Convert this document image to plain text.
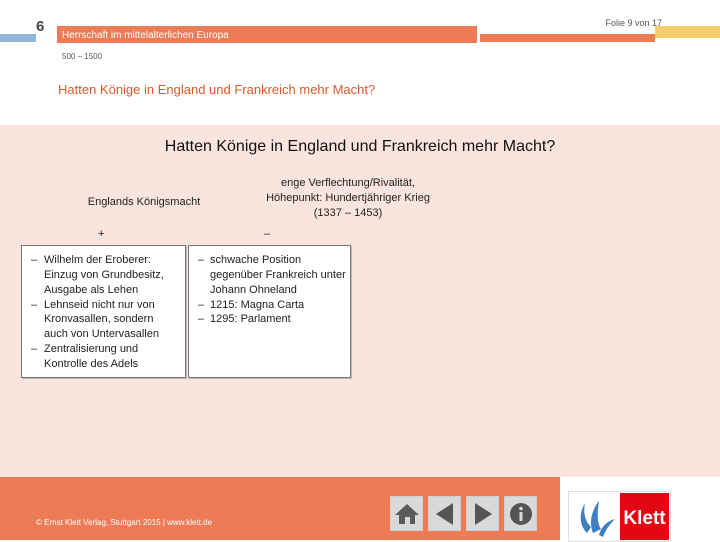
6	Folie 9 von 17
Herrschaft im mittelalterlichen Europa
500 – 1500
Hatten Könige in England und Frankreich mehr Macht?
Hatten Könige in England und Frankreich mehr Macht?
Englands Königsmacht
enge Verflechtung/Rivalität, Höhepunkt: Hundertjähriger Krieg (1337 – 1453)
+	–
– Wilhelm der Eroberer: Einzug von Grundbesitz, Ausgabe als Lehen
– Lehnseid nicht nur von Kronvasallen, sondern auch von Untervasallen
– Zentralisierung und Kontrolle des Adels
– schwache Position gegenüber Frankreich unter Johann Ohneland
– 1215: Magna Carta
– 1295: Parlament
© Ernst Klett Verlag, Stuttgart 2015 | www.klett.de	Klett
